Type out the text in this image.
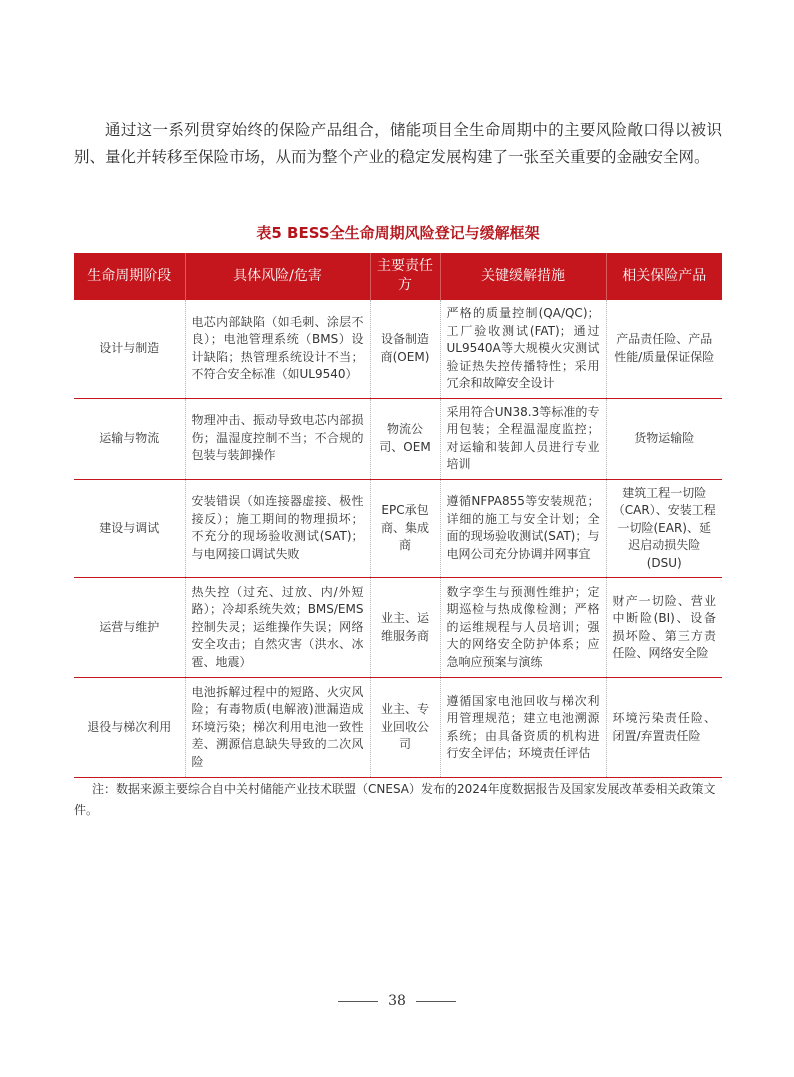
通过这一系列贯穿始终的保险产品组合，储能项目全生命周期中的主要风险敞口得以被识别、量化并转移至保险市场，从而为整个产业的稳定发展构建了一张至关重要的金融安全网。

表5 BESS全生命周期风险登记与缓解框架

生命周期阶段	具体风险/危害	主要责任方	关键缓解措施	相关保险产品
设计与制造	电芯内部缺陷（如毛刺、涂层不良）；电池管理系统（BMS）设计缺陷；热管理系统设计不当；不符合安全标准（如UL9540）	设备制造商(OEM)	严格的质量控制(QA/QC)；工厂验收测试(FAT)；通过UL9540A等大规模火灾测试验证热失控传播特性；采用冗余和故障安全设计	产品责任险、产品性能/质量保证保险
运输与物流	物理冲击、振动导致电芯内部损伤；温湿度控制不当；不合规的包装与装卸操作	物流公司、OEM	采用符合UN38.3等标准的专用包装；全程温湿度监控；对运输和装卸人员进行专业培训	货物运输险
建设与调试	安装错误（如连接器虚接、极性接反）；施工期间的物理损坏；不充分的现场验收测试(SAT)；与电网接口调试失败	EPC承包商、集成商	遵循NFPA855等安装规范；详细的施工与安全计划；全面的现场验收测试(SAT)；与电网公司充分协调并网事宜	建筑工程一切险（CAR）、安装工程一切险(EAR)、延迟启动损失险(DSU)
运营与维护	热失控（过充、过放、内/外短路）；冷却系统失效；BMS/EMS控制失灵；运维操作失误；网络安全攻击；自然灾害（洪水、冰雹、地震）	业主、运维服务商	数字孪生与预测性维护；定期巡检与热成像检测；严格的运维规程与人员培训；强大的网络安全防护体系；应急响应预案与演练	财产一切险、营业中断险(BI)、设备损坏险、第三方责任险、网络安全险
退役与梯次利用	电池拆解过程中的短路、火灾风险；有毒物质(电解液)泄漏造成环境污染；梯次利用电池一致性差、溯源信息缺失导致的二次风险	业主、专业回收公司	遵循国家电池回收与梯次利用管理规范；建立电池溯源系统；由具备资质的机构进行安全评估；环境责任评估	环境污染责任险、闭置/弃置责任险

注：数据来源主要综合自中关村储能产业技术联盟（CNESA）发布的2024年度数据报告及国家发展改革委相关政策文件。

38
